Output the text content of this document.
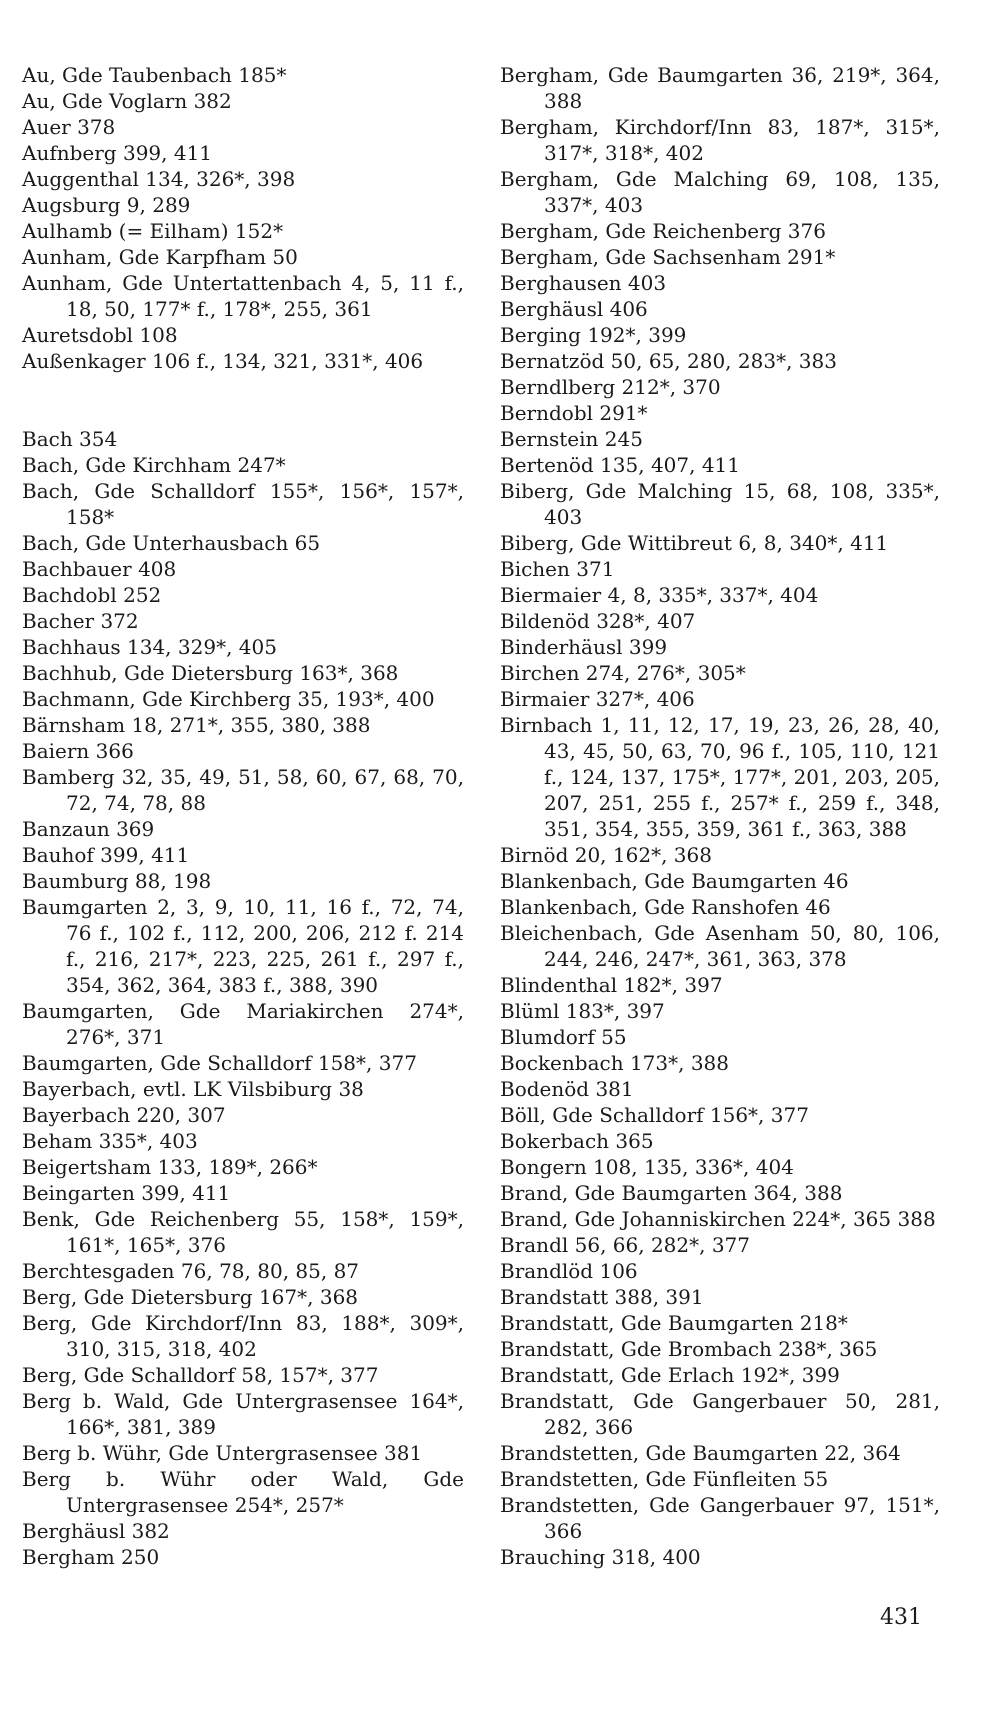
Au, Gde Taubenbach 185*
Au, Gde Voglarn 382
Auer 378
Aufnberg 399, 411
Auggenthal 134, 326*, 398
Augsburg 9, 289
Aulhamb (= Eilham) 152*
Aunham, Gde Karpfham 50
Aunham, Gde Untertattenbach 4, 5, 11 f., 18, 50, 177* f., 178*, 255, 361
Auretsdobl 108
Außenkager 106 f., 134, 321, 331*, 406
Bach 354
Bach, Gde Kirchham 247*
Bach, Gde Schalldorf 155*, 156*, 157*, 158*
Bach, Gde Unterhausbach 65
Bachbauer 408
Bachdobl 252
Bacher 372
Bachhaus 134, 329*, 405
Bachhub, Gde Dietersburg 163*, 368
Bachmann, Gde Kirchberg 35, 193*, 400
Bärnsham 18, 271*, 355, 380, 388
Baiern 366
Bamberg 32, 35, 49, 51, 58, 60, 67, 68, 70, 72, 74, 78, 88
Banzaun 369
Bauhof 399, 411
Baumburg 88, 198
Baumgarten 2, 3, 9, 10, 11, 16 f., 72, 74, 76 f., 102 f., 112, 200, 206, 212 f. 214 f., 216, 217*, 223, 225, 261 f., 297 f., 354, 362, 364, 383 f., 388, 390
Baumgarten, Gde Mariakirchen 274*, 276*, 371
Baumgarten, Gde Schalldorf 158*, 377
Bayerbach, evtl. LK Vilsbiburg 38
Bayerbach 220, 307
Beham 335*, 403
Beigertsham 133, 189*, 266*
Beingarten 399, 411
Benk, Gde Reichenberg 55, 158*, 159*, 161*, 165*, 376
Berchtesgaden 76, 78, 80, 85, 87
Berg, Gde Dietersburg 167*, 368
Berg, Gde Kirchdorf/Inn 83, 188*, 309*, 310, 315, 318, 402
Berg, Gde Schalldorf 58, 157*, 377
Berg b. Wald, Gde Untergrasensee 164*, 166*, 381, 389
Berg b. Wühr, Gde Untergrasensee 381
Berg b. Wühr oder Wald, Gde Untergrasensee 254*, 257*
Berghäusl 382
Bergham 250
Bergham, Gde Baumgarten 36, 219*, 364, 388
Bergham, Kirchdorf/Inn 83, 187*, 315*, 317*, 318*, 402
Bergham, Gde Malching 69, 108, 135, 337*, 403
Bergham, Gde Reichenberg 376
Bergham, Gde Sachsenham 291*
Berghausen 403
Berghäusl 406
Berging 192*, 399
Bernatzöd 50, 65, 280, 283*, 383
Berndlberg 212*, 370
Berndobl 291*
Bernstein 245
Bertenöd 135, 407, 411
Biberg, Gde Malching 15, 68, 108, 335*, 403
Biberg, Gde Wittibreut 6, 8, 340*, 411
Bichen 371
Biermaier 4, 8, 335*, 337*, 404
Bildenöd 328*, 407
Binderhäusl 399
Birchen 274, 276*, 305*
Birmaier 327*, 406
Birnbach 1, 11, 12, 17, 19, 23, 26, 28, 40, 43, 45, 50, 63, 70, 96 f., 105, 110, 121 f., 124, 137, 175*, 177*, 201, 203, 205, 207, 251, 255 f., 257* f., 259 f., 348, 351, 354, 355, 359, 361 f., 363, 388
Birnöd 20, 162*, 368
Blankenbach, Gde Baumgarten 46
Blankenbach, Gde Ranshofen 46
Bleichenbach, Gde Asenham 50, 80, 106, 244, 246, 247*, 361, 363, 378
Blindenthal 182*, 397
Blüml 183*, 397
Blumdorf 55
Bockenbach 173*, 388
Bodenöd 381
Böll, Gde Schalldorf 156*, 377
Bokerbach 365
Bongern 108, 135, 336*, 404
Brand, Gde Baumgarten 364, 388
Brand, Gde Johanniskirchen 224*, 365 388
Brandl 56, 66, 282*, 377
Brandlöd 106
Brandstatt 388, 391
Brandstatt, Gde Baumgarten 218*
Brandstatt, Gde Brombach 238*, 365
Brandstatt, Gde Erlach 192*, 399
Brandstatt, Gde Gangerbauer 50, 281, 282, 366
Brandstetten, Gde Baumgarten 22, 364
Brandstetten, Gde Fünfleiten 55
Brandstetten, Gde Gangerbauer 97, 151*, 366
Brauching 318, 400
431
